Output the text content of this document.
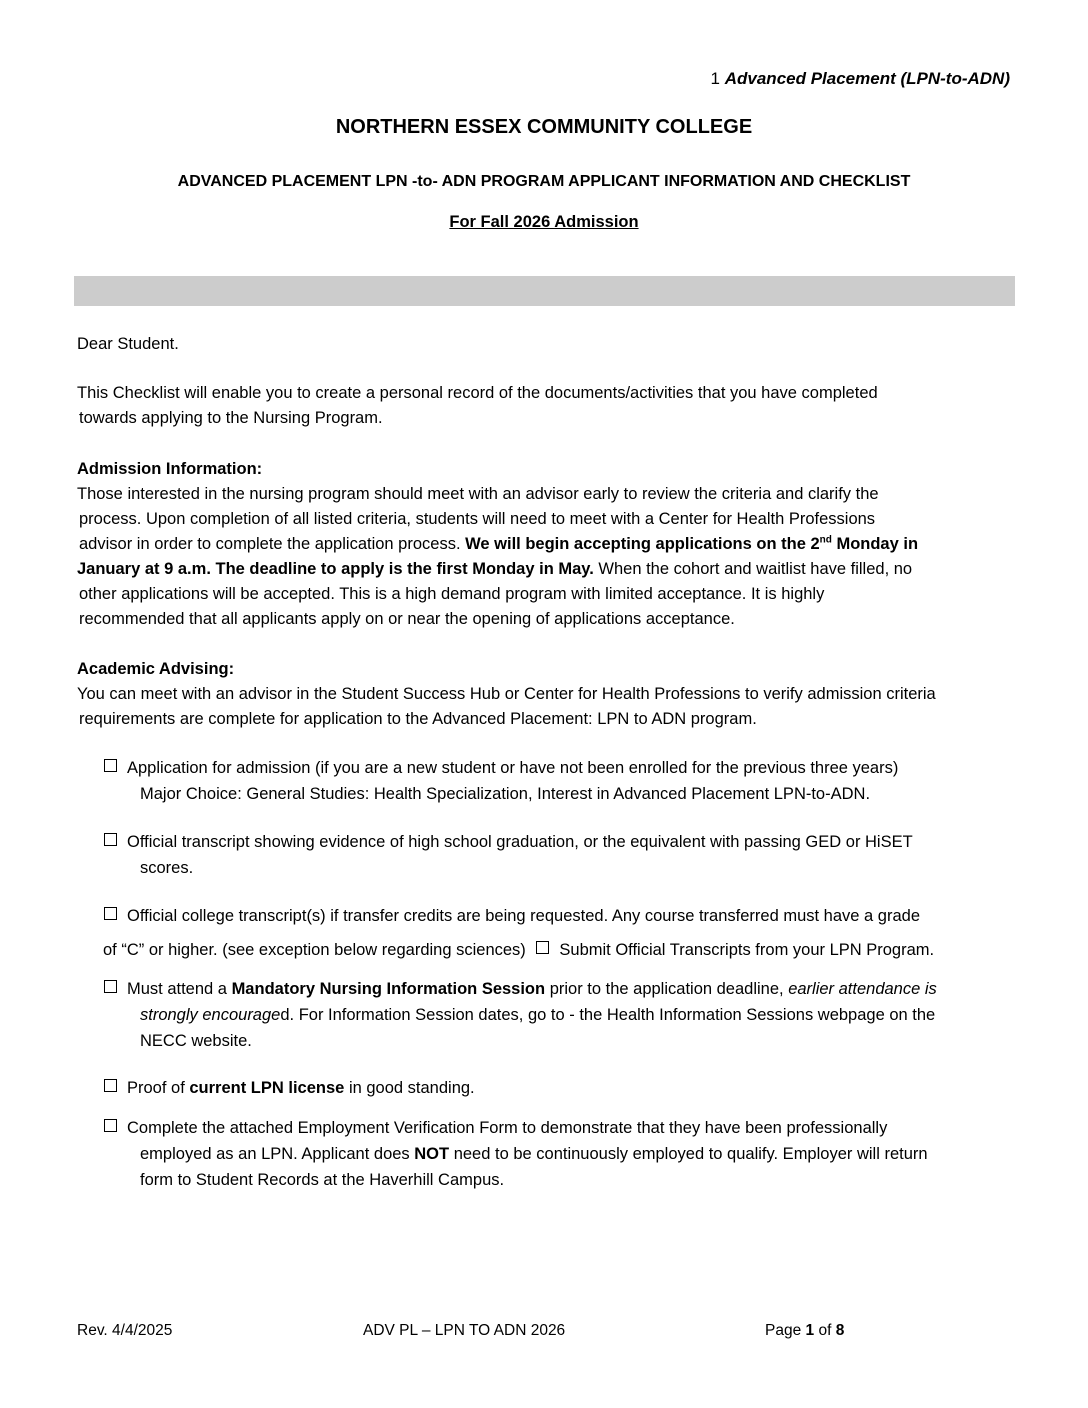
1 Advanced Placement (LPN-to-ADN)
NORTHERN ESSEX COMMUNITY COLLEGE
ADVANCED PLACEMENT LPN -to- ADN PROGRAM APPLICANT INFORMATION AND CHECKLIST
For Fall 2026 Admission
Dear Student.
This Checklist will enable you to create a personal record of the documents/activities that you have completed
towards applying to the Nursing Program.
Admission Information:
Those interested in the nursing program should meet with an advisor early to review the criteria and clarify the
process. Upon completion of all listed criteria, students will need to meet with a Center for Health Professions
advisor in order to complete the application process. We will begin accepting applications on the 2nd Monday in
January at 9 a.m. The deadline to apply is the first Monday in May. When the cohort and waitlist have filled, no
other applications will be accepted. This is a high demand program with limited acceptance. It is highly
recommended that all applicants apply on or near the opening of applications acceptance.
Academic Advising:
You can meet with an advisor in the Student Success Hub or Center for Health Professions to verify admission criteria
requirements are complete for application to the Advanced Placement: LPN to ADN program.
Application for admission (if you are a new student or have not been enrolled for the previous three years)
Major Choice: General Studies: Health Specialization, Interest in Advanced Placement LPN-to-ADN.
Official transcript showing evidence of high school graduation, or the equivalent with passing GED or HiSET
scores.
Official college transcript(s) if transfer credits are being requested. Any course transferred must have a grade
of “C” or higher. (see exception below regarding sciences) Submit Official Transcripts from your LPN Program.
Must attend a Mandatory Nursing Information Session prior to the application deadline, earlier attendance is
strongly encouraged. For Information Session dates, go to - the Health Information Sessions webpage on the
NECC website.
Proof of current LPN license in good standing.
Complete the attached Employment Verification Form to demonstrate that they have been professionally
employed as an LPN. Applicant does NOT need to be continuously employed to qualify. Employer will return
form to Student Records at the Haverhill Campus.
Rev. 4/4/2025	ADV PL – LPN TO ADN 2026	Page 1 of 8
